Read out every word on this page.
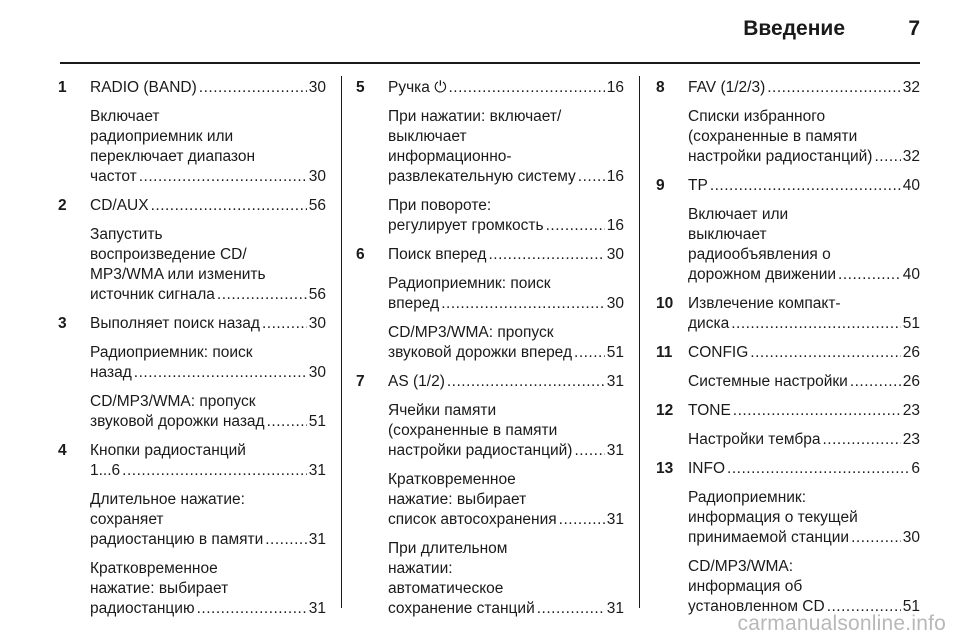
Введение	7
1 RADIO (BAND) .....	30
Включает
радиоприемник или
переключает диапазон
частот .....	30
2 CD/AUX .....	56
Запустить
воспроизведение CD/
MP3/WMA или изменить
источник сигнала .....	56
3 Выполняет поиск назад .....	30
Радиоприемник: поиск
назад .....	30
CD/MP3/WMA: пропуск
звуковой дорожки назад .....	51
4 Кнопки радиостанций
1...6 .....	31
Длительное нажатие:
сохраняет
радиостанцию в памяти .....	31
Кратковременное
нажатие: выбирает
радиостанцию .....	31
5 Ручка ⏻ .....	16
При нажатии: включает/
выключает
информационно-
развлекательную систему ..... 16
При повороте:
регулирует громкость .....	16
6 Поиск вперед .....	30
Радиоприемник: поиск
вперед .....	30
CD/MP3/WMA: пропуск
звуковой дорожки вперед ..... 51
7 AS (1/2) .....	31
Ячейки памяти
(сохраненные в памяти
настройки радиостанций) ..... 31
Кратковременное
нажатие: выбирает
список автосохранения .....	31
При длительном
нажатии:
автоматическое
сохранение станций .....	31
8 FAV (1/2/3) .....	32
Списки избранного
(сохраненные в памяти
настройки радиостанций) ..... 32
9 TP .....	40
Включает или
выключает
радиообъявления о
дорожном движении .....	40
10 Извлечение компакт-
диска .....	51
11 CONFIG .....	26
Системные настройки .....	26
12 TONE .....	23
Настройки тембра .....	23
13 INFO .....	6
Радиоприемник:
информация о текущей
принимаемой станции .....	30
CD/MP3/WMA:
информация об
установленном CD .....	51
carmanualsonline.info
